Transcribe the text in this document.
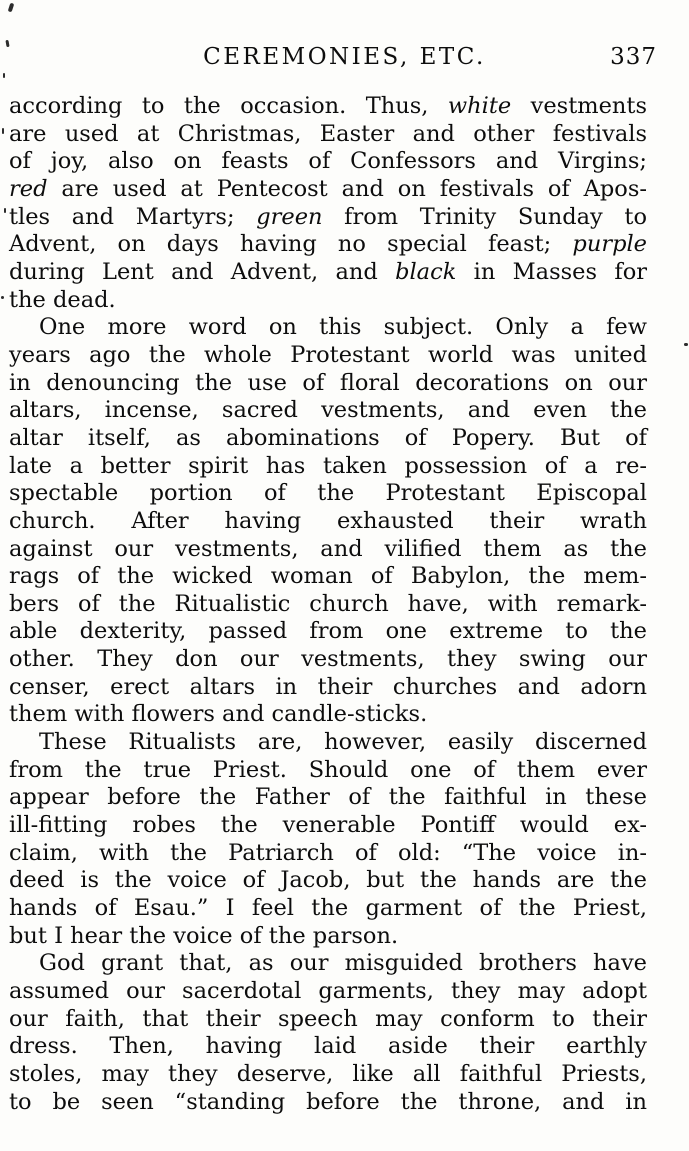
CEREMONIES, ETC.	337
according to the occasion. Thus, white vestments
are used at Christmas, Easter and other festivals
of joy, also on feasts of Confessors and Virgins;
red are used at Pentecost and on festivals of Apos-
tles and Martyrs; green from Trinity Sunday to
Advent, on days having no special feast; purple
during Lent and Advent, and black in Masses for
the dead.
One more word on this subject. Only a few
years ago the whole Protestant world was united
in denouncing the use of floral decorations on our
altars, incense, sacred vestments, and even the
altar itself, as abominations of Popery. But of
late a better spirit has taken possession of a re-
spectable portion of the Protestant Episcopal
church. After having exhausted their wrath
against our vestments, and vilified them as the
rags of the wicked woman of Babylon, the mem-
bers of the Ritualistic church have, with remark-
able dexterity, passed from one extreme to the
other. They don our vestments, they swing our
censer, erect altars in their churches and adorn
them with flowers and candle-sticks.
These Ritualists are, however, easily discerned
from the true Priest. Should one of them ever
appear before the Father of the faithful in these
ill-fitting robes the venerable Pontiff would ex-
claim, with the Patriarch of old: “The voice in-
deed is the voice of Jacob, but the hands are the
hands of Esau.” I feel the garment of the Priest,
but I hear the voice of the parson.
God grant that, as our misguided brothers have
assumed our sacerdotal garments, they may adopt
our faith, that their speech may conform to their
dress. Then, having laid aside their earthly
stoles, may they deserve, like all faithful Priests,
to be seen “standing before the throne, and in
